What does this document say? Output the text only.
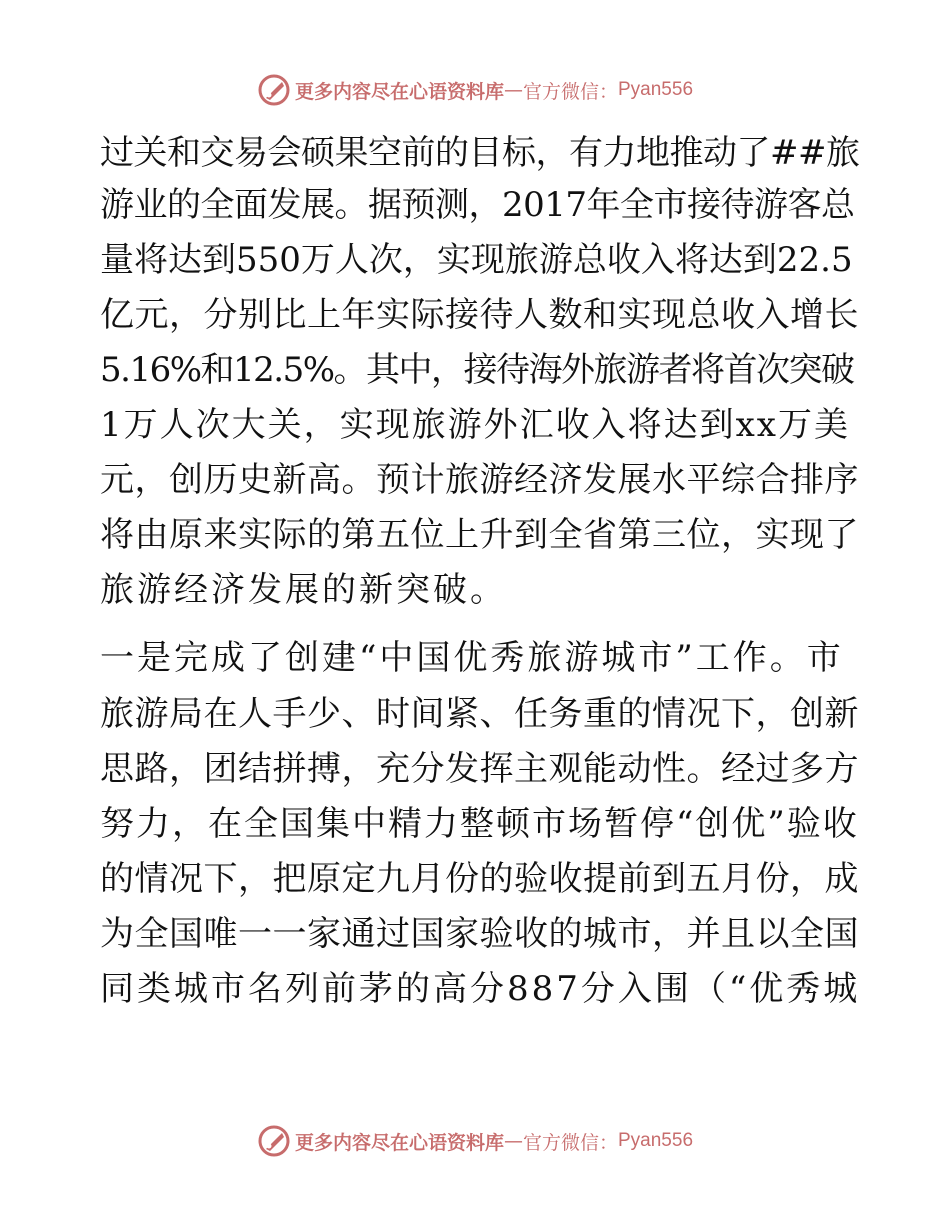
更多内容尽在心语资料库 — 官方微信： Pyan556
过关和交易会硕果空前的目标，有力地推动了##旅
游业的全面发展。据预测，2017年全市接待游客总
量将达到550万人次，实现旅游总收入将达到22.5
亿元，分别比上年实际接待人数和实现总收入增长
5.16%和12.5%。其中，接待海外旅游者将首次突破
1万人次大关，实现旅游外汇收入将达到xx万美
元，创历史新高。预计旅游经济发展水平综合排序
将由原来实际的第五位上升到全省第三位，实现了
旅游经济发展的新突破。
一是完成了创建“中国优秀旅游城市”工作。市
旅游局在人手少、时间紧、任务重的情况下，创新
思路，团结拼搏，充分发挥主观能动性。经过多方
努力，在全国集中精力整顿市场暂停“创优”验收
的情况下，把原定九月份的验收提前到五月份，成
为全国唯一一家通过国家验收的城市，并且以全国
同类城市名列前茅的高分887分入围（“优秀城
更多内容尽在心语资料库 — 官方微信： Pyan556
